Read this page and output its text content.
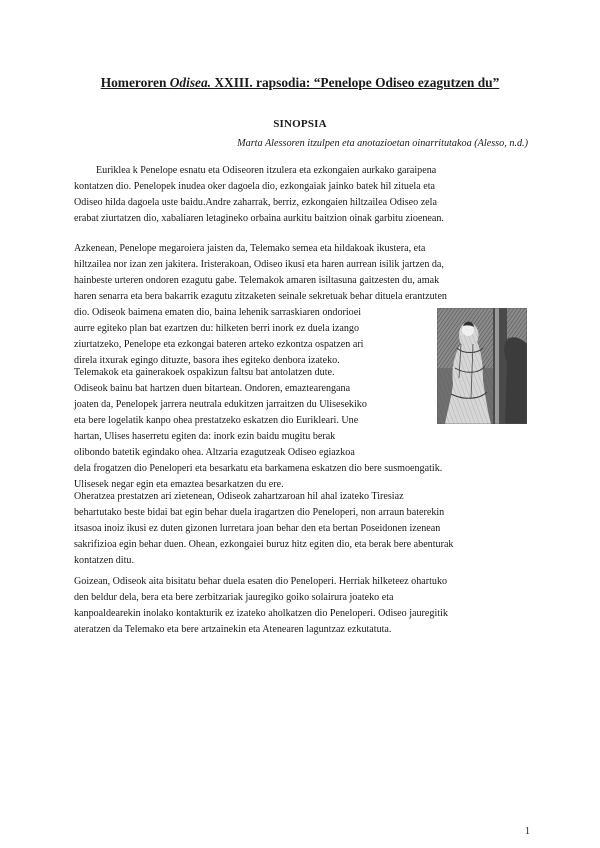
Homeroren Odisea. XXIII. rapsodia: “Penelope Odiseo ezagutzen du”
SINOPSIA
Marta Alessoren itzulpen eta anotazioetan oinarritutakoa (Alesso, n.d.)
Euriklea k Penelope esnatu eta Odiseoren itzulera eta ezkongaien aurkako garaipena
kontatzen dio. Penelopek inudea oker dagoela dio, ezkongaiak jainko batek hil zituela eta
Odiseo hilda dagoela uste baidu.Andre zaharrak, berriz, ezkongaien hiltzailea Odiseo zela
erabat ziurtatzen dio, xabaliaren letagineko orbaina aurkitu baitzion oinak garbitu zioenean.
Azkenean, Penelope megaroiera jaisten da, Telemako semea eta hildakoak ikustera, eta
hiltzailea nor izan zen jakitera. Iristerakoan, Odiseo ikusi eta haren aurrean isilik jartzen da,
hainbeste urteren ondoren ezagutu gabe. Telemakok amaren isiltasuna gaitzesten du, amak
haren senarra eta bera bakarrik ezagutu zitzaketen seinale sekretuak behar dituela erantzuten
dio. Odiseok baimena ematen dio, baina lehenik sarraskiaren ondorioei
aurre egiteko plan bat ezartzen du: hilketen berri inork ez duela izango
ziurtatzeko, Penelope eta ezkongai bateren arteko ezkontza ospatzen ari
direla itxurak egingo dituzte, basora ihes egiteko denbora izateko.
Telemakok eta gainerakoek ospakizun faltsu bat antolatzen dute.
Odiseok bainu bat hartzen duen bitartean. Ondoren, emaztearengana
joaten da, Penelopek jarrera neutrala edukitzen jarraitzen du Ulisesekiko
eta bere logelatik kanpo ohea prestatzeko eskatzen dio Eurikleari. Une
hartan, Ulises haserretu egiten da: inork ezin baidu mugitu berak
olibondo batetik egindako ohea. Altzaria ezagutzeak Odiseo egiazkoa
dela frogatzen dio Peneloperi eta besarkatu eta barkamena eskatzen dio bere susmoengatik.
Ulisesek negar egin eta emaztea besarkatzen du ere.
Oheratzea prestatzen ari zietenean, Odiseok zahartzaroan hil ahal izateko Tiresiaz
behartutako beste bidai bat egin behar duela iragartzen dio Peneloperi, non arraun baterekin
itsasoa inoiz ikusi ez duten gizonen lurretara joan behar den eta bertan Poseidonen izenean
sakrifizioa egin behar duen. Ohean, ezkongaiei buruz hitz egiten dio, eta berak bere abenturak
kontatzen ditu.
Goizean, Odiseok aita bisitatu behar duela esaten dio Peneloperi. Herriak hilketeez ohartuko
den beldur dela, bera eta bere zerbitzariak jauregiko goiko solairura joateko eta
kanpoaldearekin inolako kontakturik ez izateko aholkatzen dio Peneloperi. Odiseo jauregitik
ateratzen da Telemako eta bere artzainekin eta Atenearen laguntzaz ezkutatuta.
1
